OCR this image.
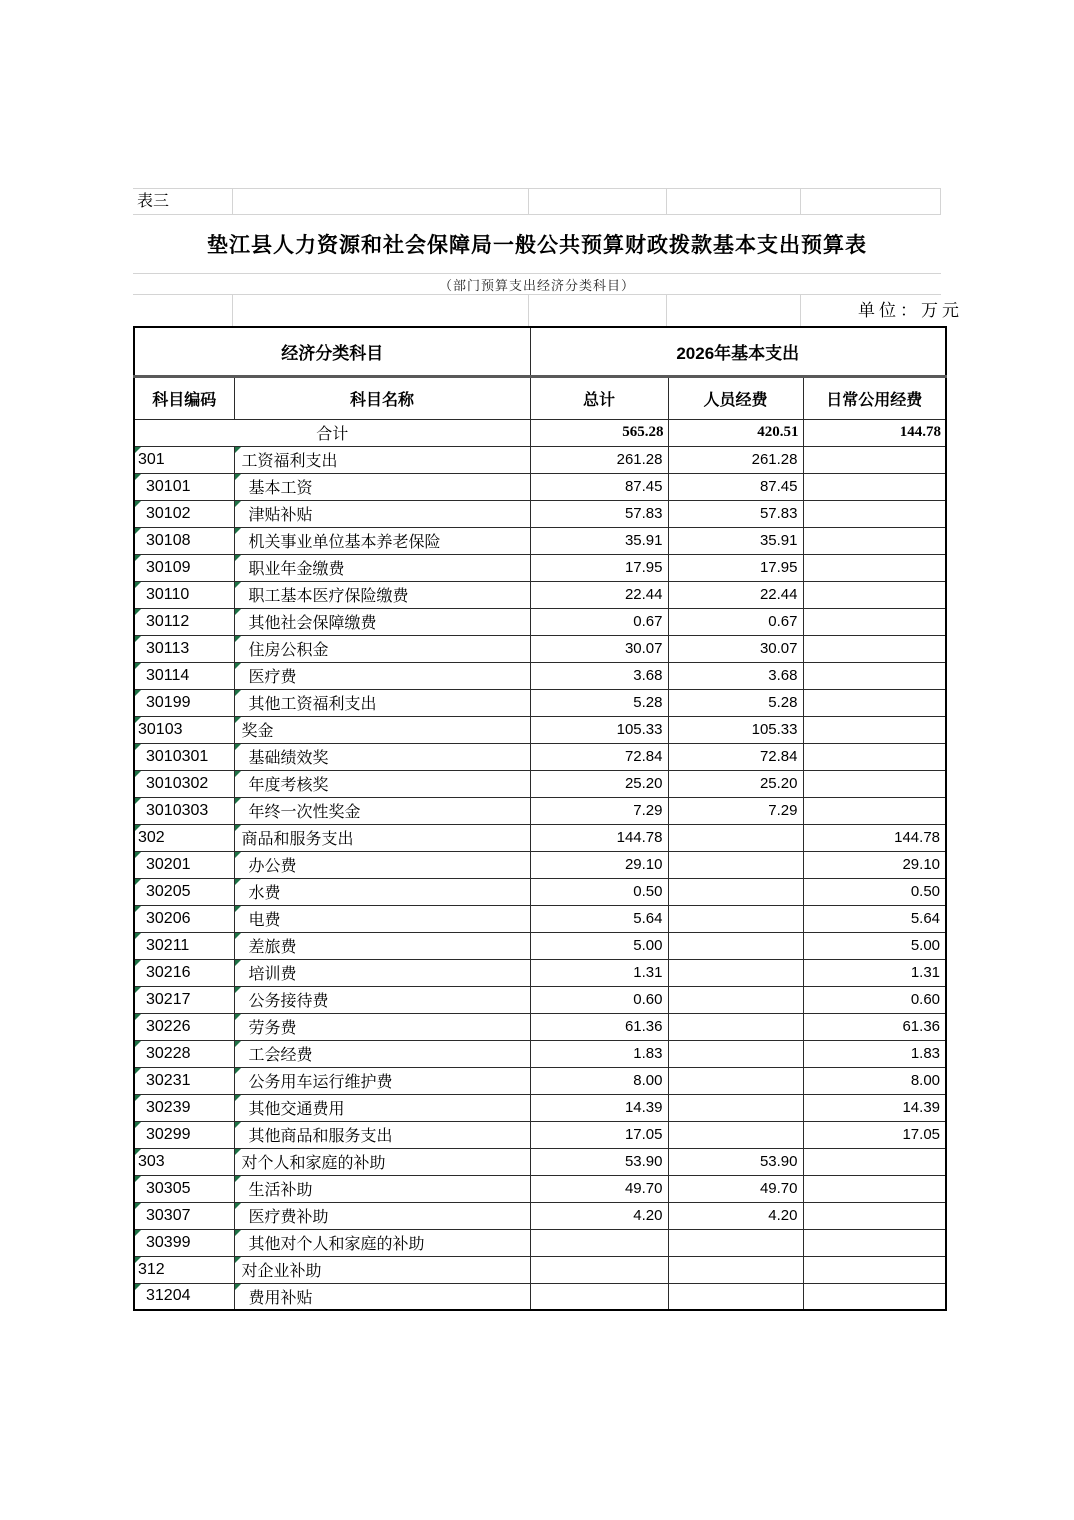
表三
垫江县人力资源和社会保障局一般公共预算财政拨款基本支出预算表
（部门预算支出经济分类科目）
单位：万元
经济分类科目		2026年基本支出		
科目编码	科目名称	总计	人员经费	日常公用经费
合计		565.28	420.51	144.78

301	工资福利支出	261.28	261.28	

30101	基本工资	87.45	87.45	

30102	津贴补贴	57.83	57.83	

30108	机关事业单位基本养老保险	35.91	35.91	

30109	职业年金缴费	17.95	17.95	

30110	职工基本医疗保险缴费	22.44	22.44	

30112	其他社会保障缴费	0.67	0.67	

30113	住房公积金	30.07	30.07	

30114	医疗费	3.68	3.68	

30199	其他工资福利支出	5.28	5.28	

30103	奖金	105.33	105.33	

3010301	基础绩效奖	72.84	72.84	

3010302	年度考核奖	25.20	25.20	

3010303	年终一次性奖金	7.29	7.29	

302	商品和服务支出	144.78		144.78

30201	办公费	29.10		29.10

30205	水费	0.50		0.50

30206	电费	5.64		5.64

30211	差旅费	5.00		5.00

30216	培训费	1.31		1.31

30217	公务接待费	0.60		0.60

30226	劳务费	61.36		61.36

30228	工会经费	1.83		1.83

30231	公务用车运行维护费	8.00		8.00

30239	其他交通费用	14.39		14.39

30299	其他商品和服务支出	17.05		17.05

303	对个人和家庭的补助	53.90	53.90	

30305	生活补助	49.70	49.70	

30307	医疗费补助	4.20	4.20	

30399	其他对个人和家庭的补助			

312	对企业补助			

31204	费用补贴			
